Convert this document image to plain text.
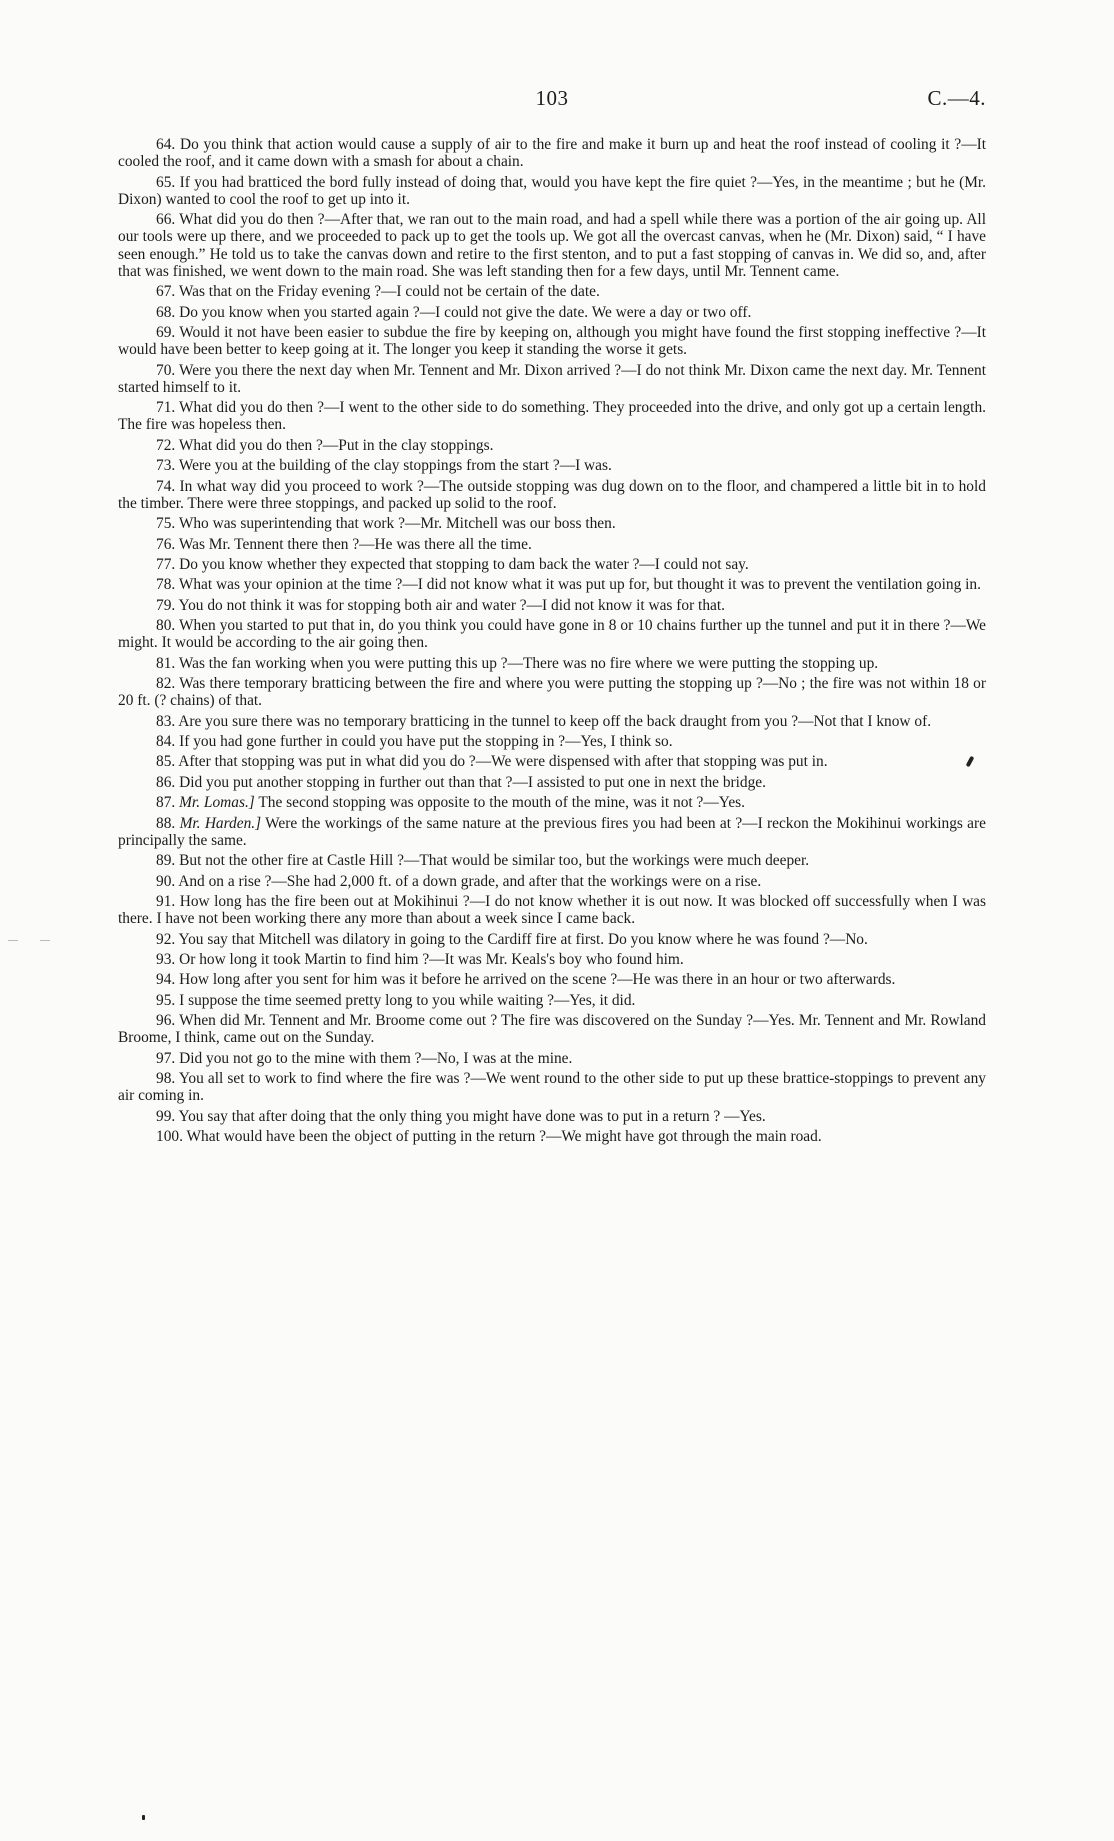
103	C.—4.

64. Do you think that action would cause a supply of air to the fire and make it burn up and heat the roof instead of cooling it ?—It cooled the roof, and it came down with a smash for about a chain.

65. If you had bratticed the bord fully instead of doing that, would you have kept the fire quiet ?—Yes, in the meantime ; but he (Mr. Dixon) wanted to cool the roof to get up into it.

66. What did you do then ?—After that, we ran out to the main road, and had a spell while there was a portion of the air going up. All our tools were up there, and we proceeded to pack up to get the tools up. We got all the overcast canvas, when he (Mr. Dixon) said, “ I have seen enough.” He told us to take the canvas down and retire to the first stenton, and to put a fast stopping of canvas in. We did so, and, after that was finished, we went down to the main road. She was left standing then for a few days, until Mr. Tennent came.

67. Was that on the Friday evening ?—I could not be certain of the date.

68. Do you know when you started again ?—I could not give the date. We were a day or two off.

69. Would it not have been easier to subdue the fire by keeping on, although you might have found the first stopping ineffective ?—It would have been better to keep going at it. The longer you keep it standing the worse it gets.

70. Were you there the next day when Mr. Tennent and Mr. Dixon arrived ?—I do not think Mr. Dixon came the next day. Mr. Tennent started himself to it.

71. What did you do then ?—I went to the other side to do something. They proceeded into the drive, and only got up a certain length. The fire was hopeless then.

72. What did you do then ?—Put in the clay stoppings.

73. Were you at the building of the clay stoppings from the start ?—I was.

74. In what way did you proceed to work ?—The outside stopping was dug down on to the floor, and champered a little bit in to hold the timber. There were three stoppings, and packed up solid to the roof.

75. Who was superintending that work ?—Mr. Mitchell was our boss then.

76. Was Mr. Tennent there then ?—He was there all the time.

77. Do you know whether they expected that stopping to dam back the water ?—I could not say.

78. What was your opinion at the time ?—I did not know what it was put up for, but thought it was to prevent the ventilation going in.

79. You do not think it was for stopping both air and water ?—I did not know it was for that.

80. When you started to put that in, do you think you could have gone in 8 or 10 chains further up the tunnel and put it in there ?—We might. It would be according to the air going then.

81. Was the fan working when you were putting this up ?—There was no fire where we were putting the stopping up.

82. Was there temporary bratticing between the fire and where you were putting the stopping up ?—No ; the fire was not within 18 or 20 ft. (? chains) of that.

83. Are you sure there was no temporary bratticing in the tunnel to keep off the back draught from you ?—Not that I know of.

84. If you had gone further in could you have put the stopping in ?—Yes, I think so.

85. After that stopping was put in what did you do ?—We were dispensed with after that stopping was put in.

86. Did you put another stopping in further out than that ?—I assisted to put one in next the bridge.

87. Mr. Lomas.] The second stopping was opposite to the mouth of the mine, was it not ?—Yes.

88. Mr. Harden.] Were the workings of the same nature at the previous fires you had been at ?—I reckon the Mokihinui workings are principally the same.

89. But not the other fire at Castle Hill ?—That would be similar too, but the workings were much deeper.

90. And on a rise ?—She had 2,000 ft. of a down grade, and after that the workings were on a rise.

91. How long has the fire been out at Mokihinui ?—I do not know whether it is out now. It was blocked off successfully when I was there. I have not been working there any more than about a week since I came back.

92. You say that Mitchell was dilatory in going to the Cardiff fire at first. Do you know where he was found ?—No.

93. Or how long it took Martin to find him ?—It was Mr. Keals's boy who found him.

94. How long after you sent for him was it before he arrived on the scene ?—He was there in an hour or two afterwards.

95. I suppose the time seemed pretty long to you while waiting ?—Yes, it did.

96. When did Mr. Tennent and Mr. Broome come out ? The fire was discovered on the Sunday ?—Yes. Mr. Tennent and Mr. Rowland Broome, I think, came out on the Sunday.

97. Did you not go to the mine with them ?—No, I was at the mine.

98. You all set to work to find where the fire was ?—We went round to the other side to put up these brattice-stoppings to prevent any air coming in.

99. You say that after doing that the only thing you might have done was to put in a return ? —Yes.

100. What would have been the object of putting in the return ?—We might have got through the main road.
